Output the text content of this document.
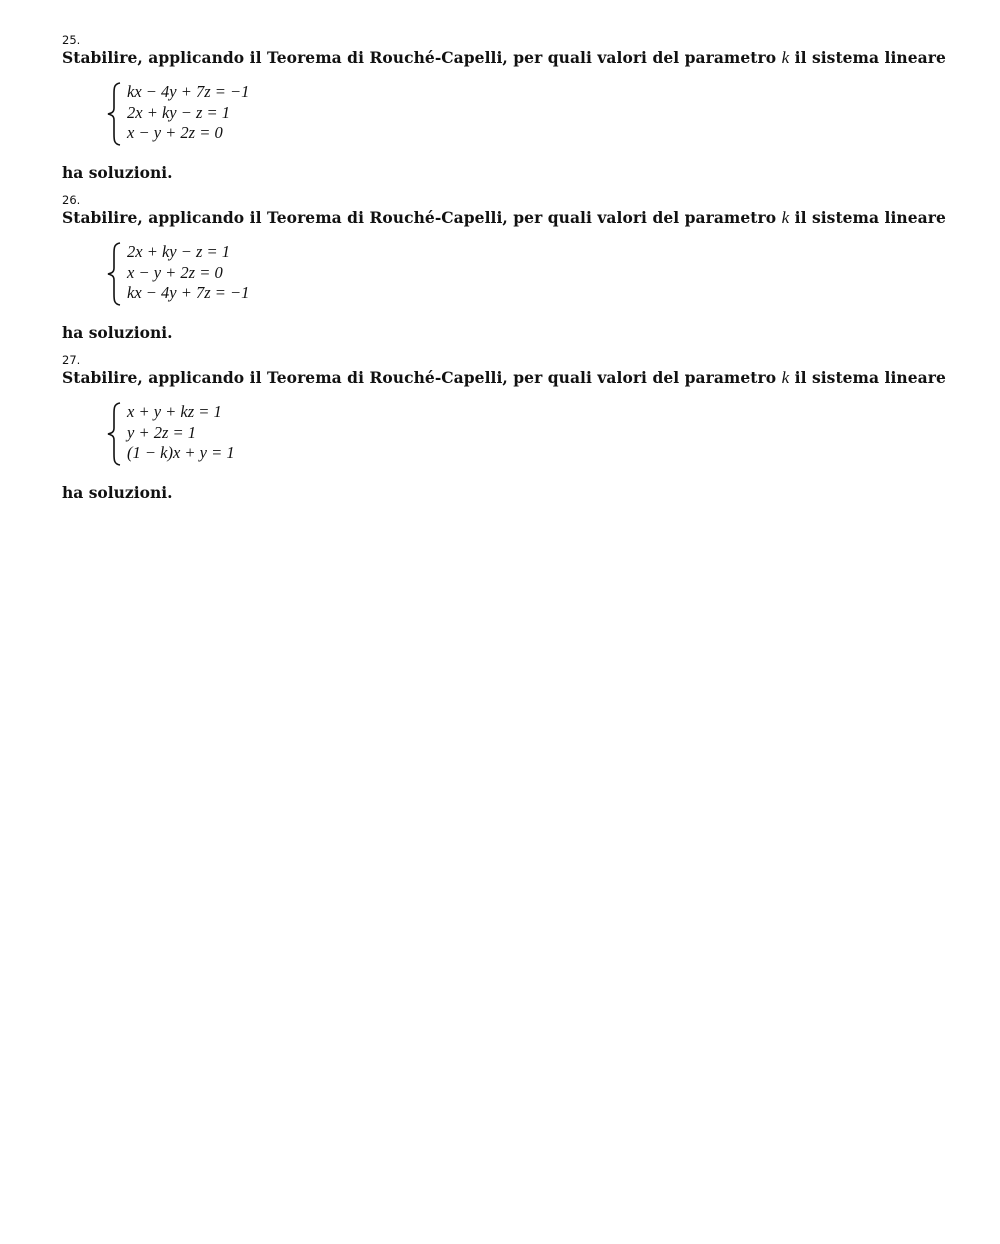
25.
Stabilire, applicando il Teorema di Rouché-Capelli, per quali valori del parametro k il sistema lineare
kx − 4y + 7z = −1
2x + ky − z = 1
x − y + 2z = 0
ha soluzioni.
26.
Stabilire, applicando il Teorema di Rouché-Capelli, per quali valori del parametro k il sistema lineare
2x + ky − z = 1
x − y + 2z = 0
kx − 4y + 7z = −1
ha soluzioni.
27.
Stabilire, applicando il Teorema di Rouché-Capelli, per quali valori del parametro k il sistema lineare
x + y + kz = 1
y + 2z = 1
(1 − k)x + y = 1
ha soluzioni.
